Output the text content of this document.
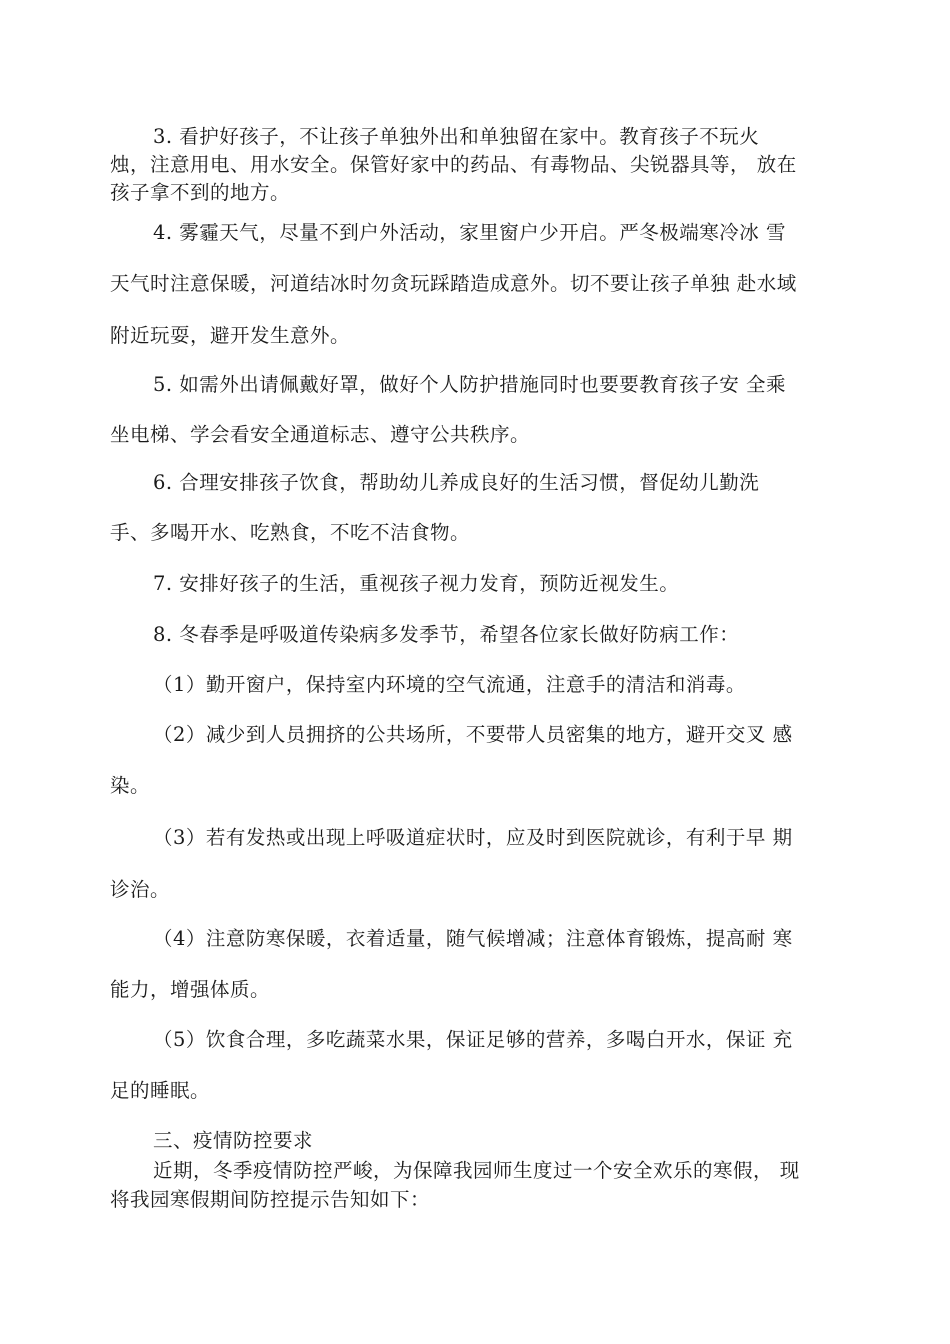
3. 看护好孩子，不让孩子单独外出和单独留在家中。教育孩子不玩火
烛，注意用电、用水安全。保管好家中的药品、有毒物品、尖锐器具等， 放在
孩子拿不到的地方。
4. 雾霾天气，尽量不到户外活动，家里窗户少开启。严冬极端寒冷冰 雪
天气时注意保暖，河道结冰时勿贪玩踩踏造成意外。切不要让孩子单独 赴水域
附近玩耍，避开发生意外。
5. 如需外出请佩戴好罩，做好个人防护措施同时也要要教育孩子安 全乘
坐电梯、学会看安全通道标志、遵守公共秩序。
6. 合理安排孩子饮食，帮助幼儿养成良好的生活习惯，督促幼儿勤洗
手、多喝开水、吃熟食，不吃不洁食物。
7. 安排好孩子的生活，重视孩子视力发育，预防近视发生。
8. 冬春季是呼吸道传染病多发季节，希望各位家长做好防病工作：
（1）勤开窗户，保持室内环境的空气流通，注意手的清洁和消毒。
（2）减少到人员拥挤的公共场所，不要带人员密集的地方，避开交叉 感
染。
（3）若有发热或出现上呼吸道症状时，应及时到医院就诊，有利于早 期
诊治。
（4）注意防寒保暖，衣着适量，随气候增减；注意体育锻炼，提高耐 寒
能力，增强体质。
（5）饮食合理，多吃蔬菜水果，保证足够的营养，多喝白开水，保证 充
足的睡眠。
三、疫情防控要求
近期，冬季疫情防控严峻，为保障我园师生度过一个安全欢乐的寒假， 现
将我园寒假期间防控提示告知如下：
